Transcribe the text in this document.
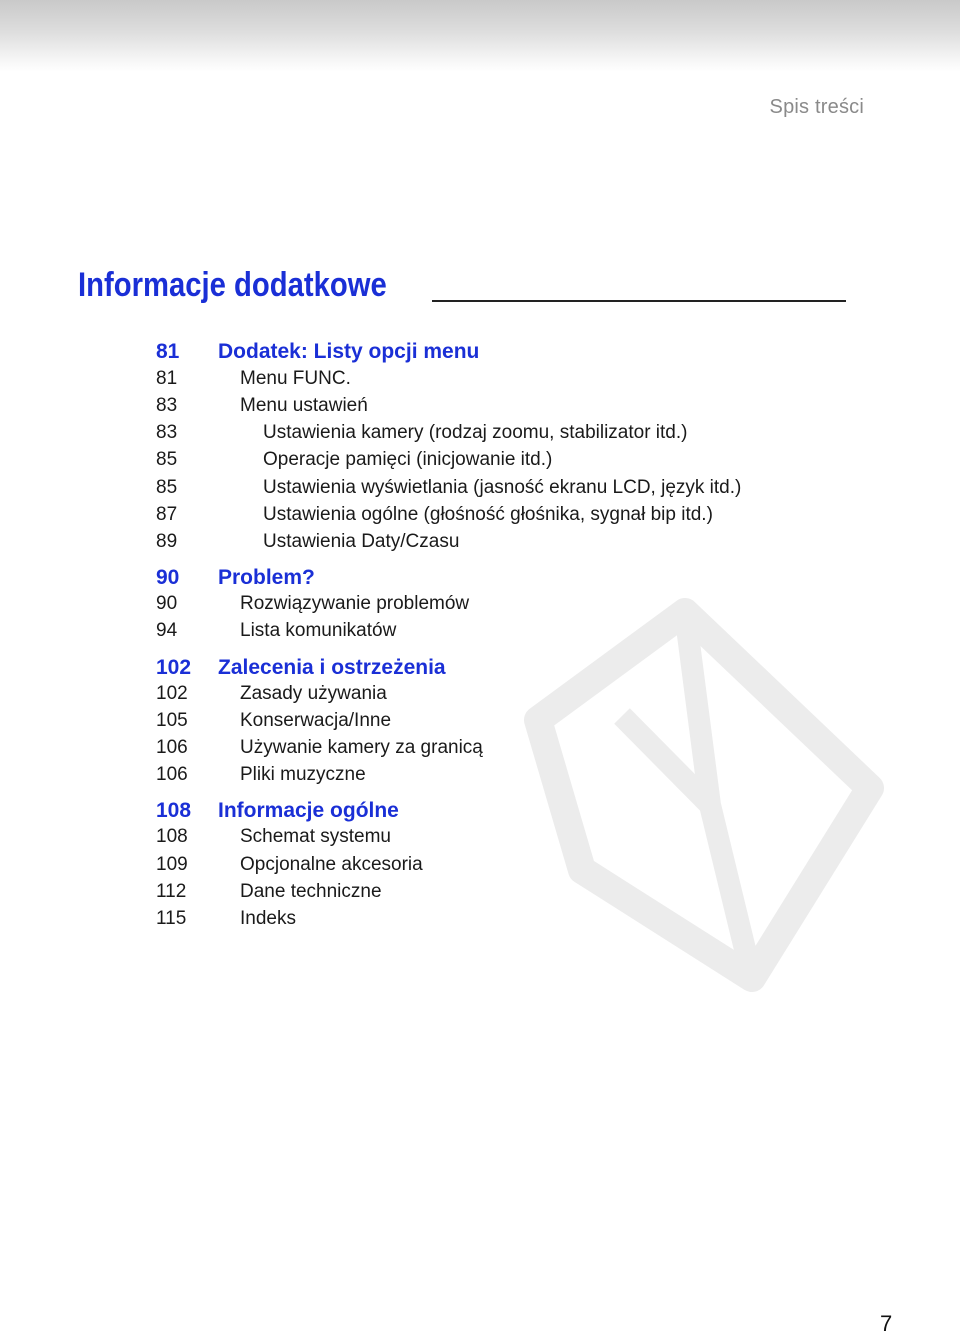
Spis treści
Informacje dodatkowe
81 Dodatek: Listy opcji menu
81	Menu FUNC.
83	Menu ustawień
83	Ustawienia kamery (rodzaj zoomu, stabilizator itd.)
85	Operacje pamięci (inicjowanie itd.)
85	Ustawienia wyświetlania (jasność ekranu LCD, język itd.)
87	Ustawienia ogólne (głośność głośnika, sygnał bip itd.)
89	Ustawienia Daty/Czasu
90 Problem?
90	Rozwiązywanie problemów
94	Lista komunikatów
102 Zalecenia i ostrzeżenia
102	Zasady używania
105	Konserwacja/Inne
106	Używanie kamery za granicą
106	Pliki muzyczne
108 Informacje ogólne
108	Schemat systemu
109	Opcjonalne akcesoria
112	Dane techniczne
115	Indeks
7
